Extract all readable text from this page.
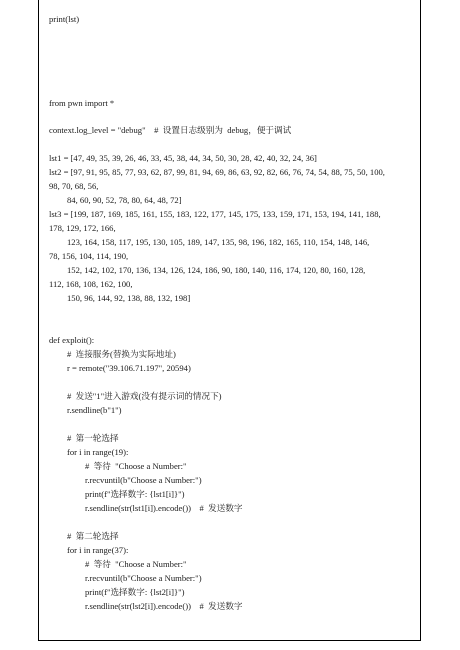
print(lst)
from pwn import *
context.log_level = "debug"    #  设置日志级别为  debug，便于调试
lst1 = [47, 49, 35, 39, 26, 46, 33, 45, 38, 44, 34, 50, 30, 28, 42, 40, 32, 24, 36]
lst2 = [97, 91, 95, 85, 77, 93, 62, 87, 99, 81, 94, 69, 86, 63, 92, 82, 66, 76, 74, 54, 88, 75, 50, 100,
98, 70, 68, 56,
84, 60, 90, 52, 78, 80, 64, 48, 72]
lst3 = [199, 187, 169, 185, 161, 155, 183, 122, 177, 145, 175, 133, 159, 171, 153, 194, 141, 188,
178, 129, 172, 166,
123, 164, 158, 117, 195, 130, 105, 189, 147, 135, 98, 196, 182, 165, 110, 154, 148, 146,
78, 156, 104, 114, 190,
152, 142, 102, 170, 136, 134, 126, 124, 186, 90, 180, 140, 116, 174, 120, 80, 160, 128,
112, 168, 108, 162, 100,
150, 96, 144, 92, 138, 88, 132, 198]
def exploit():
#  连接服务(替换为实际地址)
r = remote("39.106.71.197", 20594)
#  发送"1"进入游戏(没有提示词的情况下)
r.sendline(b"1")
#  第一轮选择
for i in range(19):
#  等待  "Choose a Number:"
r.recvuntil(b"Choose a Number:")
print(f"选择数字: {lst1[i]}")
r.sendline(str(lst1[i]).encode())    #  发送数字
#  第二轮选择
for i in range(37):
#  等待  "Choose a Number:"
r.recvuntil(b"Choose a Number:")
print(f"选择数字: {lst2[i]}")
r.sendline(str(lst2[i]).encode())    #  发送数字
